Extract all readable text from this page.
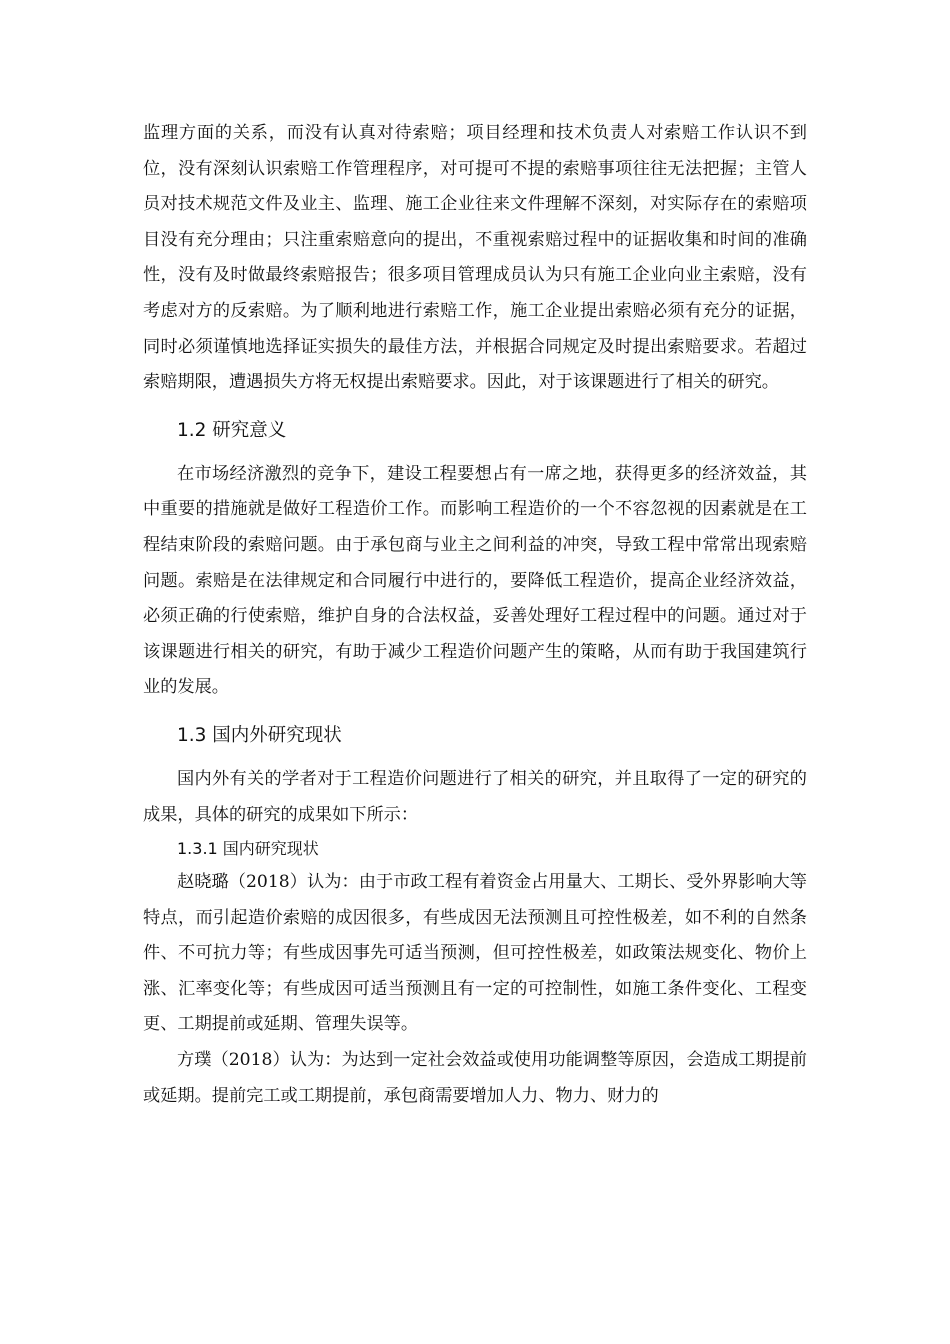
监理方面的关系，而没有认真对待索赔；项目经理和技术负责人对索赔工作认识不到位，没有深刻认识索赔工作管理程序，对可提可不提的索赔事项往往无法把握；主管人员对技术规范文件及业主、监理、施工企业往来文件理解不深刻，对实际存在的索赔项目没有充分理由；只注重索赔意向的提出，不重视索赔过程中的证据收集和时间的准确性，没有及时做最终索赔报告；很多项目管理成员认为只有施工企业向业主索赔，没有考虑对方的反索赔。为了顺利地进行索赔工作，施工企业提出索赔必须有充分的证据，同时必须谨慎地选择证实损失的最佳方法，并根据合同规定及时提出索赔要求。若超过索赔期限，遭遇损失方将无权提出索赔要求。因此，对于该课题进行了相关的研究。

1.2 研究意义

在市场经济激烈的竞争下，建设工程要想占有一席之地，获得更多的经济效益，其中重要的措施就是做好工程造价工作。而影响工程造价的一个不容忽视的因素就是在工程结束阶段的索赔问题。由于承包商与业主之间利益的冲突，导致工程中常常出现索赔问题。索赔是在法律规定和合同履行中进行的，要降低工程造价，提高企业经济效益，必须正确的行使索赔，维护自身的合法权益，妥善处理好工程过程中的问题。通过对于该课题进行相关的研究，有助于减少工程造价问题产生的策略，从而有助于我国建筑行业的发展。

1.3 国内外研究现状

国内外有关的学者对于工程造价问题进行了相关的研究，并且取得了一定的研究的成果，具体的研究的成果如下所示：

1.3.1 国内研究现状

赵晓璐（2018）认为：由于市政工程有着资金占用量大、工期长、受外界影响大等特点，而引起造价索赔的成因很多，有些成因无法预测且可控性极差，如不利的自然条件、不可抗力等；有些成因事先可适当预测，但可控性极差，如政策法规变化、物价上涨、汇率变化等；有些成因可适当预测且有一定的可控制性，如施工条件变化、工程变更、工期提前或延期、管理失误等。

方璞（2018）认为：为达到一定社会效益或使用功能调整等原因，会造成工期提前或延期。提前完工或工期提前，承包商需要增加人力、物力、财力的
